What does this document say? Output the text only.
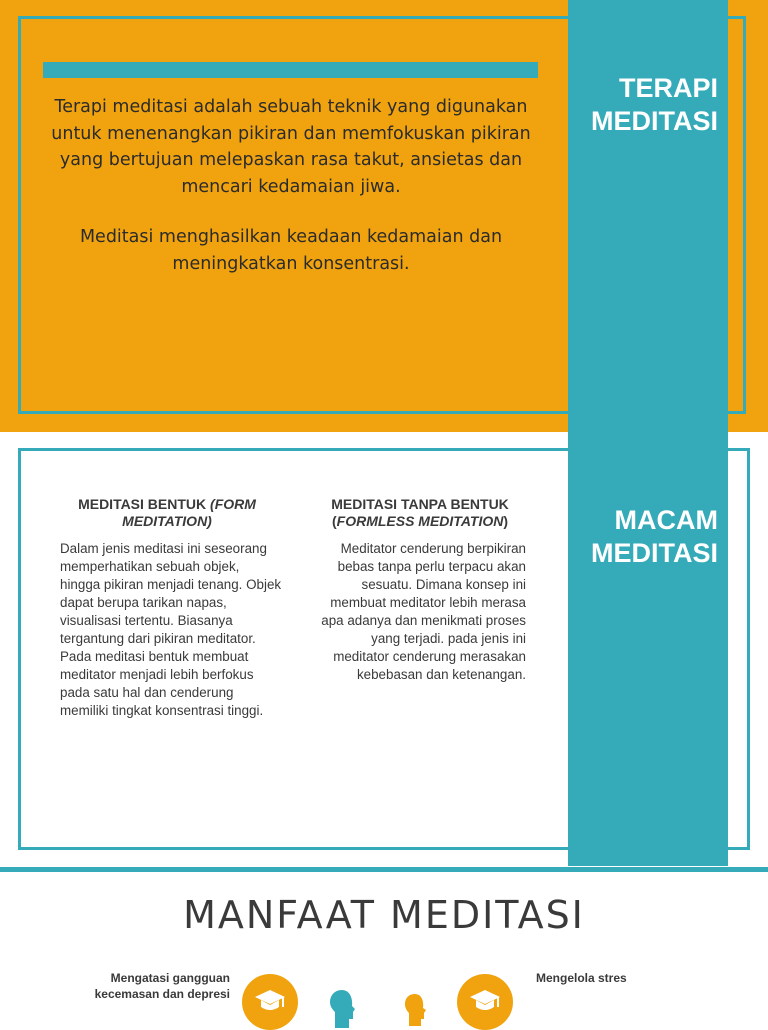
Terapi meditasi adalah sebuah teknik yang digunakan untuk menenangkan pikiran dan memfokuskan pikiran yang bertujuan melepaskan rasa takut, ansietas dan mencari kedamaian jiwa.

Meditasi menghasilkan keadaan kedamaian dan meningkatkan konsentrasi.

TERAPI
MEDITASI
MACAM
MEDITASI
MEDITASI BENTUK (FORM MEDITATION)
Dalam jenis meditasi ini seseorang memperhatikan sebuah objek, hingga pikiran menjadi tenang. Objek dapat berupa tarikan napas, visualisasi tertentu. Biasanya tergantung dari pikiran meditator. Pada meditasi bentuk membuat meditator menjadi lebih berfokus pada satu hal dan cenderung memiliki tingkat konsentrasi tinggi.
MEDITASI TANPA BENTUK
(FORMLESS MEDITATION)
Meditator cenderung berpikiran bebas tanpa perlu terpacu akan sesuatu. Dimana konsep ini membuat meditator lebih merasa apa adanya dan menikmati proses yang terjadi. pada jenis ini meditator cenderung merasakan kebebasan dan ketenangan.
MANFAAT MEDITASI
Mengatasi gangguan kecemasan dan depresi
Mengelola stres
